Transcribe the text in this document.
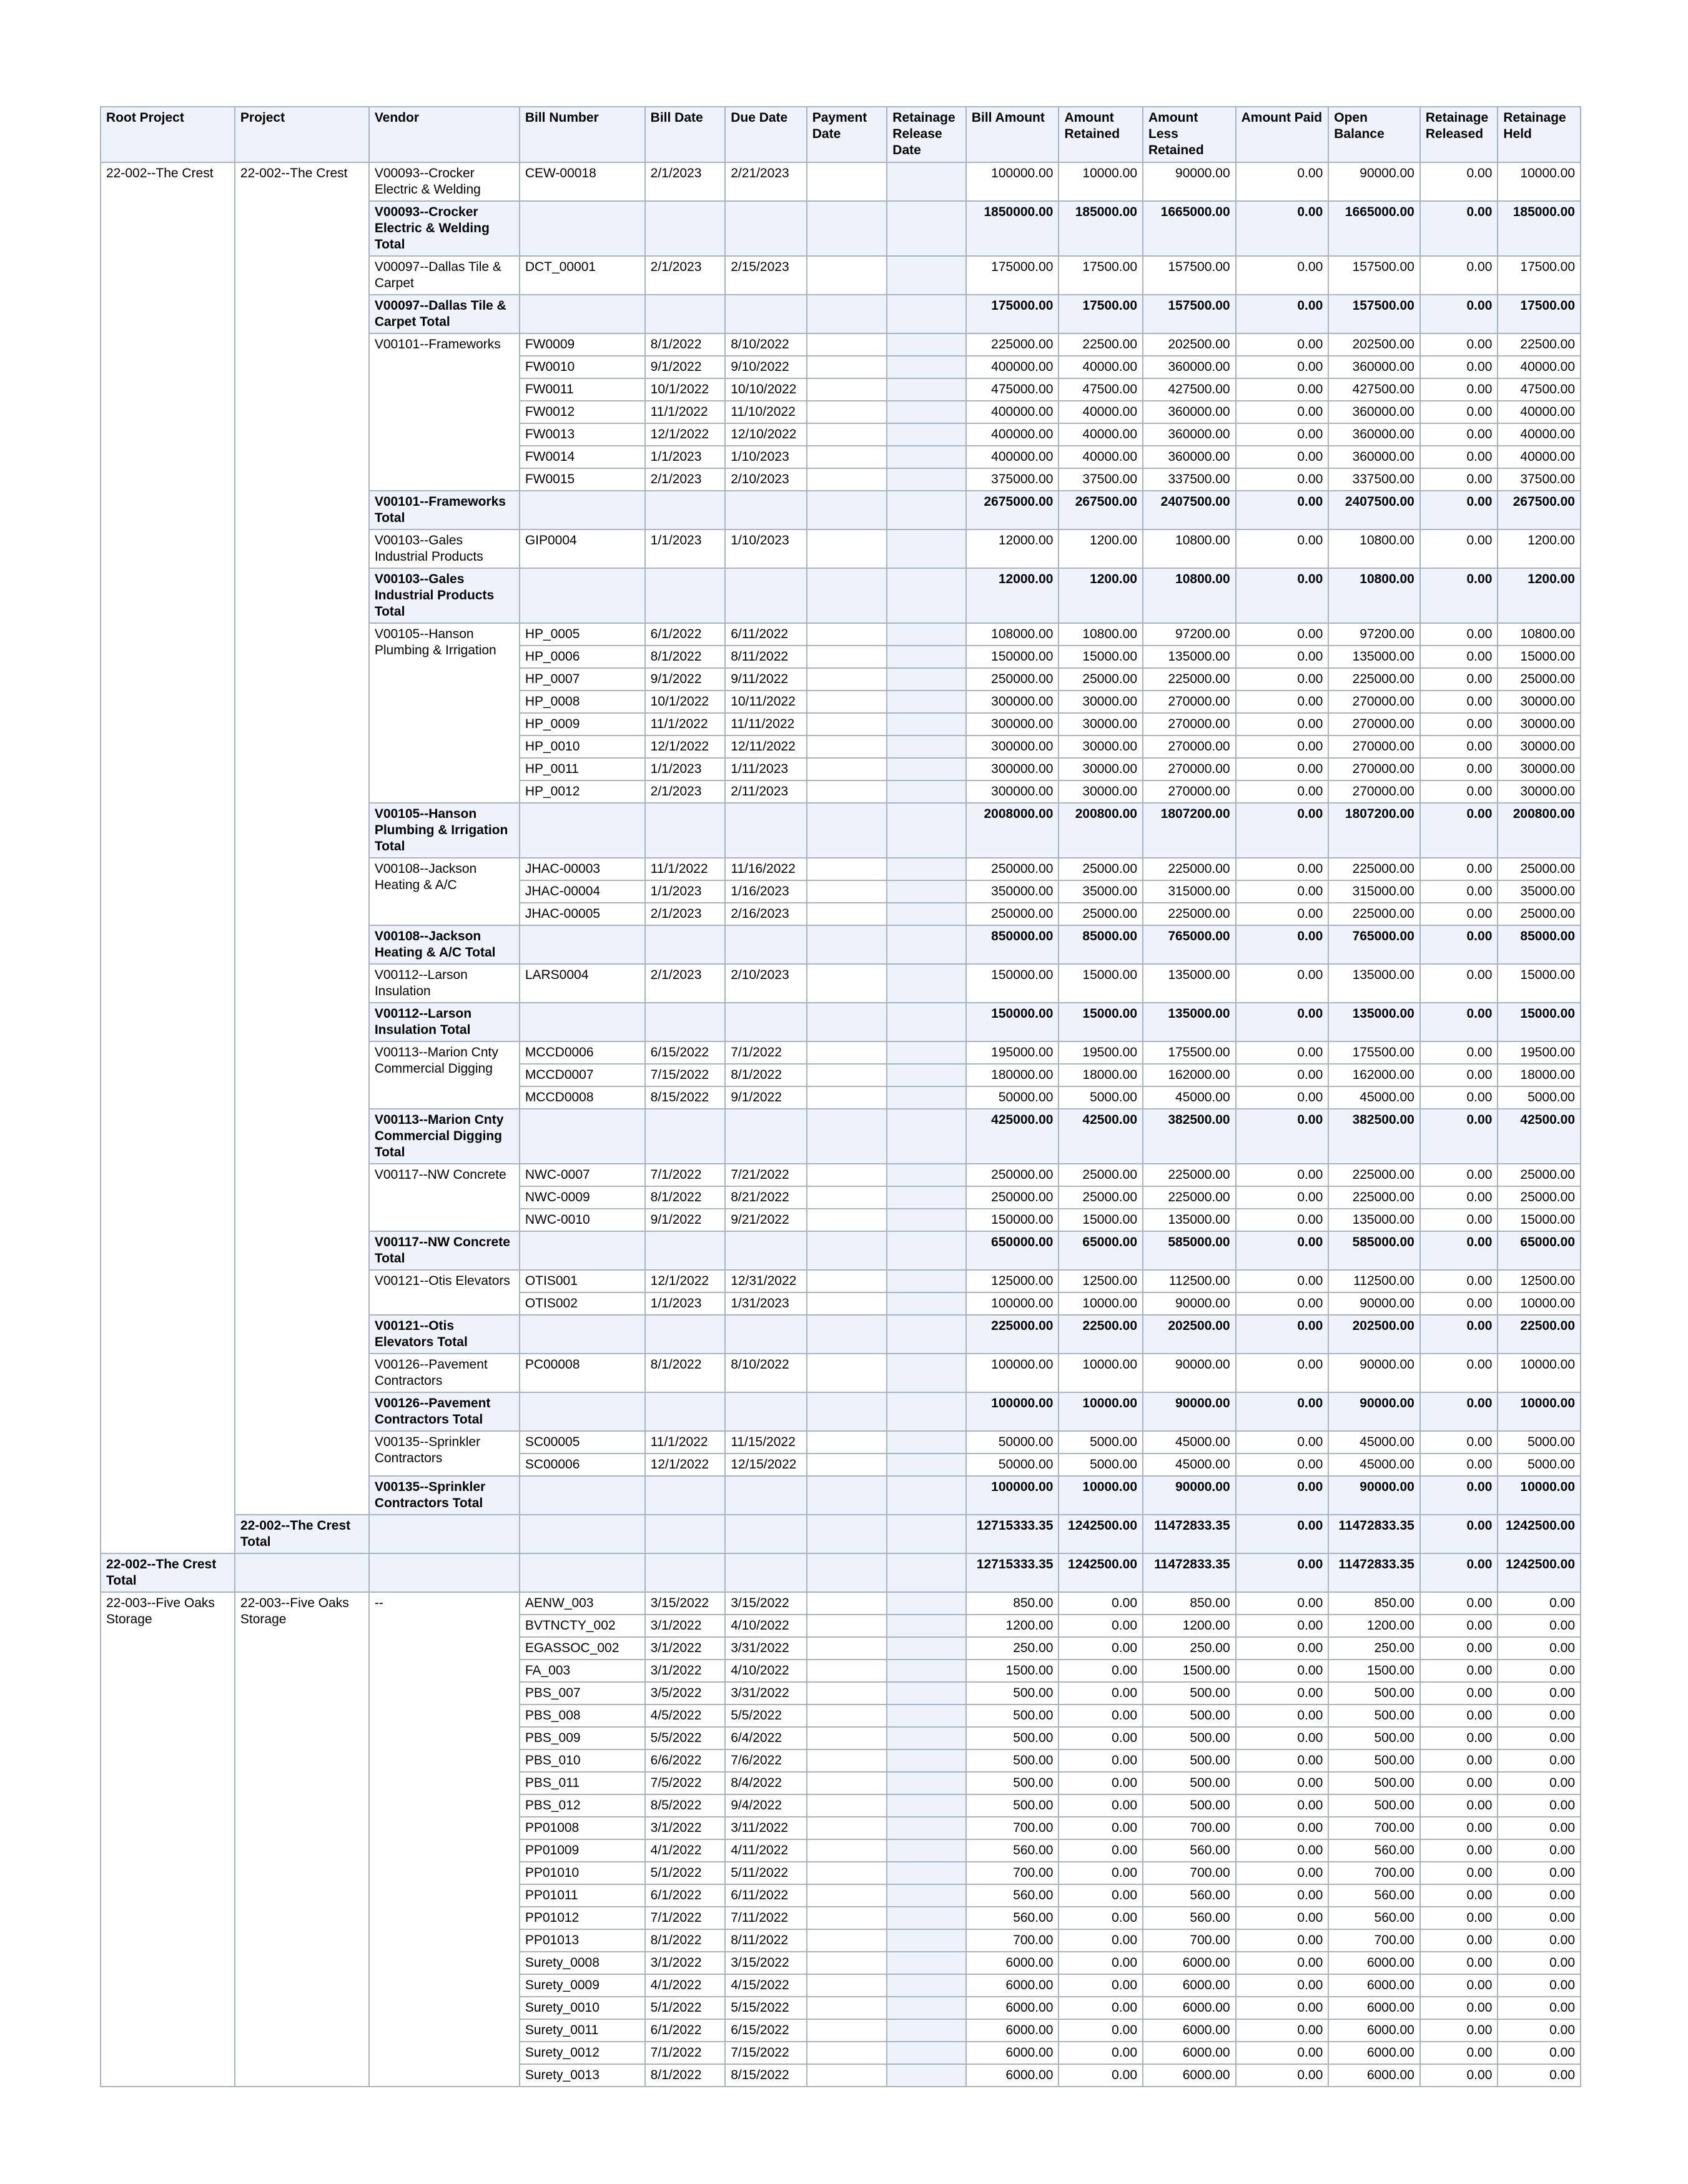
Root Project	Project	Vendor	Bill Number	Bill Date	Due Date	Payment Date	Retainage Release Date	Bill Amount	Amount Retained	Amount Less Retained	Amount Paid	Open Balance	Retainage Released	Retainage Held
22-002--The Crest	22-002--The Crest	V00093--Crocker Electric & Welding	CEW-00018	2/1/2023	2/21/2023			100000.00	10000.00	90000.00	0.00	90000.00	0.00	10000.00
		V00093--Crocker Electric & Welding Total						1850000.00	185000.00	1665000.00	0.00	1665000.00	0.00	185000.00
		V00097--Dallas Tile & Carpet	DCT_00001	2/1/2023	2/15/2023			175000.00	17500.00	157500.00	0.00	157500.00	0.00	17500.00
		V00097--Dallas Tile & Carpet Total						175000.00	17500.00	157500.00	0.00	157500.00	0.00	17500.00
		V00101--Frameworks	FW0009	8/1/2022	8/10/2022			225000.00	22500.00	202500.00	0.00	202500.00	0.00	22500.00
			FW0010	9/1/2022	9/10/2022			400000.00	40000.00	360000.00	0.00	360000.00	0.00	40000.00
			FW0011	10/1/2022	10/10/2022			475000.00	47500.00	427500.00	0.00	427500.00	0.00	47500.00
			FW0012	11/1/2022	11/10/2022			400000.00	40000.00	360000.00	0.00	360000.00	0.00	40000.00
			FW0013	12/1/2022	12/10/2022			400000.00	40000.00	360000.00	0.00	360000.00	0.00	40000.00
			FW0014	1/1/2023	1/10/2023			400000.00	40000.00	360000.00	0.00	360000.00	0.00	40000.00
			FW0015	2/1/2023	2/10/2023			375000.00	37500.00	337500.00	0.00	337500.00	0.00	37500.00
		V00101--Frameworks Total						2675000.00	267500.00	2407500.00	0.00	2407500.00	0.00	267500.00
		V00103--Gales Industrial Products	GIP0004	1/1/2023	1/10/2023			12000.00	1200.00	10800.00	0.00	10800.00	0.00	1200.00
		V00103--Gales Industrial Products Total						12000.00	1200.00	10800.00	0.00	10800.00	0.00	1200.00
		V00105--Hanson Plumbing & Irrigation	HP_0005	6/1/2022	6/11/2022			108000.00	10800.00	97200.00	0.00	97200.00	0.00	10800.00
			HP_0006	8/1/2022	8/11/2022			150000.00	15000.00	135000.00	0.00	135000.00	0.00	15000.00
			HP_0007	9/1/2022	9/11/2022			250000.00	25000.00	225000.00	0.00	225000.00	0.00	25000.00
			HP_0008	10/1/2022	10/11/2022			300000.00	30000.00	270000.00	0.00	270000.00	0.00	30000.00
			HP_0009	11/1/2022	11/11/2022			300000.00	30000.00	270000.00	0.00	270000.00	0.00	30000.00
			HP_0010	12/1/2022	12/11/2022			300000.00	30000.00	270000.00	0.00	270000.00	0.00	30000.00
			HP_0011	1/1/2023	1/11/2023			300000.00	30000.00	270000.00	0.00	270000.00	0.00	30000.00
			HP_0012	2/1/2023	2/11/2023			300000.00	30000.00	270000.00	0.00	270000.00	0.00	30000.00
		V00105--Hanson Plumbing & Irrigation Total						2008000.00	200800.00	1807200.00	0.00	1807200.00	0.00	200800.00
		V00108--Jackson Heating & A/C	JHAC-00003	11/1/2022	11/16/2022			250000.00	25000.00	225000.00	0.00	225000.00	0.00	25000.00
			JHAC-00004	1/1/2023	1/16/2023			350000.00	35000.00	315000.00	0.00	315000.00	0.00	35000.00
			JHAC-00005	2/1/2023	2/16/2023			250000.00	25000.00	225000.00	0.00	225000.00	0.00	25000.00
		V00108--Jackson Heating & A/C Total						850000.00	85000.00	765000.00	0.00	765000.00	0.00	85000.00
		V00112--Larson Insulation	LARS0004	2/1/2023	2/10/2023			150000.00	15000.00	135000.00	0.00	135000.00	0.00	15000.00
		V00112--Larson Insulation Total						150000.00	15000.00	135000.00	0.00	135000.00	0.00	15000.00
		V00113--Marion Cnty Commercial Digging	MCCD0006	6/15/2022	7/1/2022			195000.00	19500.00	175500.00	0.00	175500.00	0.00	19500.00
			MCCD0007	7/15/2022	8/1/2022			180000.00	18000.00	162000.00	0.00	162000.00	0.00	18000.00
			MCCD0008	8/15/2022	9/1/2022			50000.00	5000.00	45000.00	0.00	45000.00	0.00	5000.00
		V00113--Marion Cnty Commercial Digging Total						425000.00	42500.00	382500.00	0.00	382500.00	0.00	42500.00
		V00117--NW Concrete	NWC-0007	7/1/2022	7/21/2022			250000.00	25000.00	225000.00	0.00	225000.00	0.00	25000.00
			NWC-0009	8/1/2022	8/21/2022			250000.00	25000.00	225000.00	0.00	225000.00	0.00	25000.00
			NWC-0010	9/1/2022	9/21/2022			150000.00	15000.00	135000.00	0.00	135000.00	0.00	15000.00
		V00117--NW Concrete Total						650000.00	65000.00	585000.00	0.00	585000.00	0.00	65000.00
		V00121--Otis Elevators	OTIS001	12/1/2022	12/31/2022			125000.00	12500.00	112500.00	0.00	112500.00	0.00	12500.00
			OTIS002	1/1/2023	1/31/2023			100000.00	10000.00	90000.00	0.00	90000.00	0.00	10000.00
		V00121--Otis Elevators Total						225000.00	22500.00	202500.00	0.00	202500.00	0.00	22500.00
		V00126--Pavement Contractors	PC00008	8/1/2022	8/10/2022			100000.00	10000.00	90000.00	0.00	90000.00	0.00	10000.00
		V00126--Pavement Contractors Total						100000.00	10000.00	90000.00	0.00	90000.00	0.00	10000.00
		V00135--Sprinkler Contractors	SC00005	11/1/2022	11/15/2022			50000.00	5000.00	45000.00	0.00	45000.00	0.00	5000.00
			SC00006	12/1/2022	12/15/2022			50000.00	5000.00	45000.00	0.00	45000.00	0.00	5000.00
		V00135--Sprinkler Contractors Total						100000.00	10000.00	90000.00	0.00	90000.00	0.00	10000.00
	22-002--The Crest Total							12715333.35	1242500.00	11472833.35	0.00	11472833.35	0.00	1242500.00
22-002--The Crest Total								12715333.35	1242500.00	11472833.35	0.00	11472833.35	0.00	1242500.00
22-003--Five Oaks Storage	22-003--Five Oaks Storage	--	AENW_003	3/15/2022	3/15/2022			850.00	0.00	850.00	0.00	850.00	0.00	0.00
			BVTNCTY_002	3/1/2022	4/10/2022			1200.00	0.00	1200.00	0.00	1200.00	0.00	0.00
			EGASSOC_002	3/1/2022	3/31/2022			250.00	0.00	250.00	0.00	250.00	0.00	0.00
			FA_003	3/1/2022	4/10/2022			1500.00	0.00	1500.00	0.00	1500.00	0.00	0.00
			PBS_007	3/5/2022	3/31/2022			500.00	0.00	500.00	0.00	500.00	0.00	0.00
			PBS_008	4/5/2022	5/5/2022			500.00	0.00	500.00	0.00	500.00	0.00	0.00
			PBS_009	5/5/2022	6/4/2022			500.00	0.00	500.00	0.00	500.00	0.00	0.00
			PBS_010	6/6/2022	7/6/2022			500.00	0.00	500.00	0.00	500.00	0.00	0.00
			PBS_011	7/5/2022	8/4/2022			500.00	0.00	500.00	0.00	500.00	0.00	0.00
			PBS_012	8/5/2022	9/4/2022			500.00	0.00	500.00	0.00	500.00	0.00	0.00
			PP01008	3/1/2022	3/11/2022			700.00	0.00	700.00	0.00	700.00	0.00	0.00
			PP01009	4/1/2022	4/11/2022			560.00	0.00	560.00	0.00	560.00	0.00	0.00
			PP01010	5/1/2022	5/11/2022			700.00	0.00	700.00	0.00	700.00	0.00	0.00
			PP01011	6/1/2022	6/11/2022			560.00	0.00	560.00	0.00	560.00	0.00	0.00
			PP01012	7/1/2022	7/11/2022			560.00	0.00	560.00	0.00	560.00	0.00	0.00
			PP01013	8/1/2022	8/11/2022			700.00	0.00	700.00	0.00	700.00	0.00	0.00
			Surety_0008	3/1/2022	3/15/2022			6000.00	0.00	6000.00	0.00	6000.00	0.00	0.00
			Surety_0009	4/1/2022	4/15/2022			6000.00	0.00	6000.00	0.00	6000.00	0.00	0.00
			Surety_0010	5/1/2022	5/15/2022			6000.00	0.00	6000.00	0.00	6000.00	0.00	0.00
			Surety_0011	6/1/2022	6/15/2022			6000.00	0.00	6000.00	0.00	6000.00	0.00	0.00
			Surety_0012	7/1/2022	7/15/2022			6000.00	0.00	6000.00	0.00	6000.00	0.00	0.00
			Surety_0013	8/1/2022	8/15/2022			6000.00	0.00	6000.00	0.00	6000.00	0.00	0.00
